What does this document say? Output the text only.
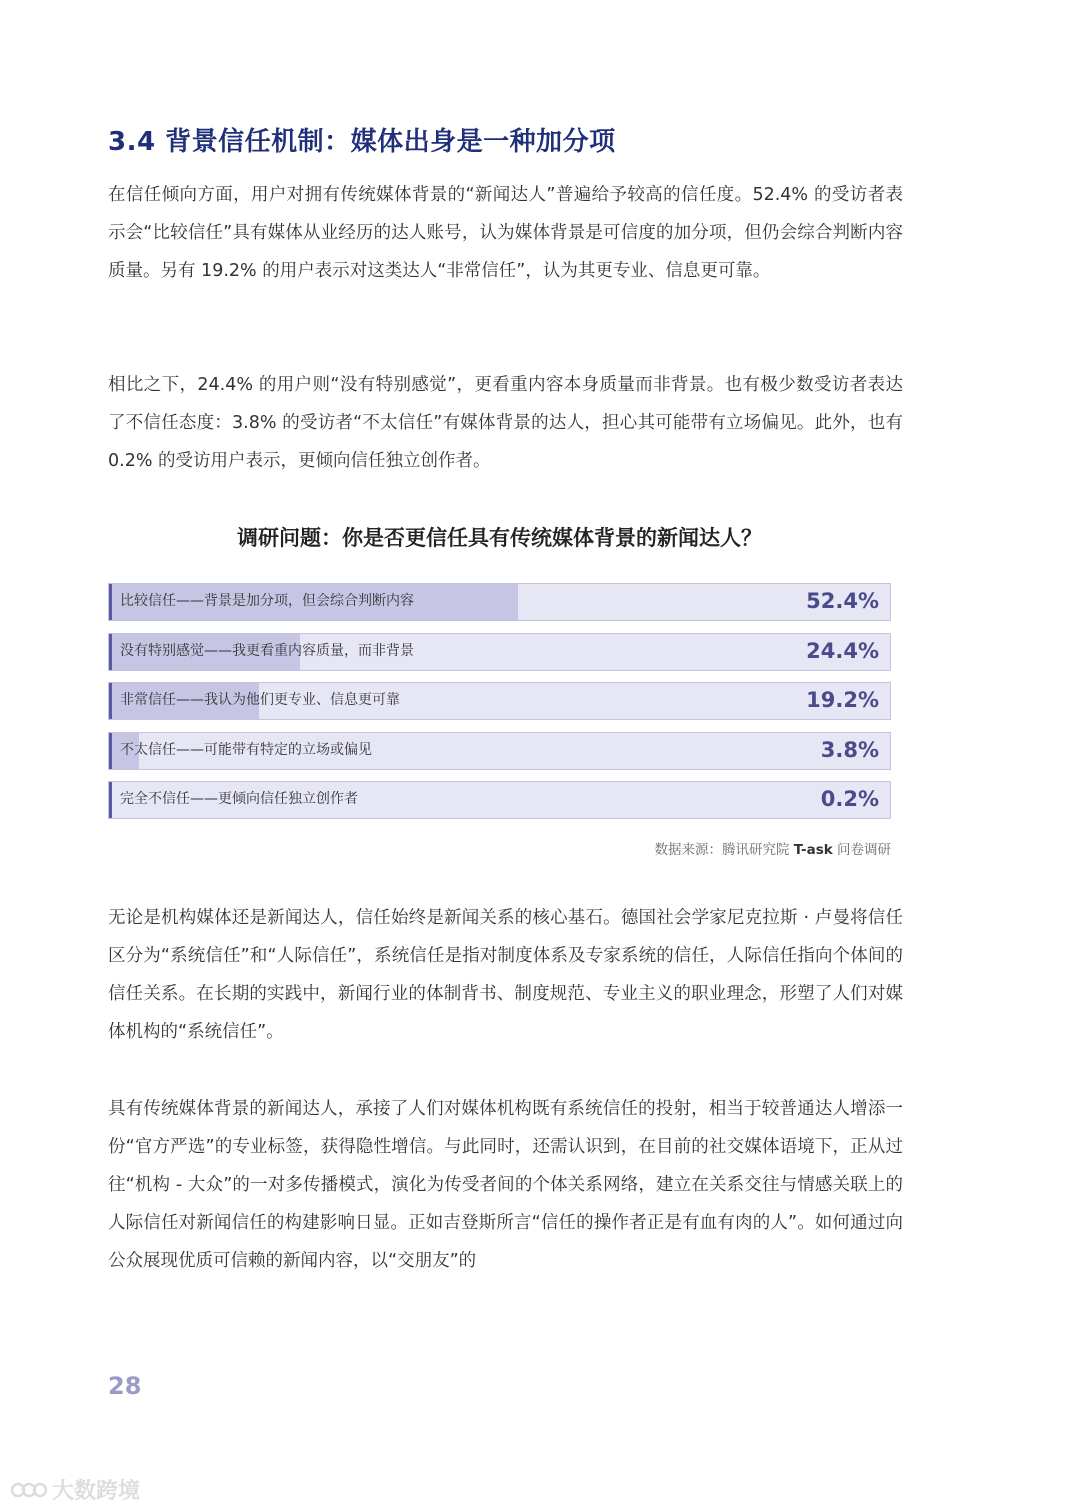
3.4 背景信任机制：媒体出身是一种加分项

在信任倾向方面，用户对拥有传统媒体背景的“新闻达人”普遍给予较高的信任度。52.4% 的受访者表示会“比较信任”具有媒体从业经历的达人账号，认为媒体背景是可信度的加分项，但仍会综合判断内容质量。另有 19.2% 的用户表示对这类达人“非常信任”，认为其更专业、信息更可靠。

相比之下，24.4% 的用户则“没有特别感觉”，更看重内容本身质量而非背景。也有极少数受访者表达了不信任态度：3.8% 的受访者“不太信任”有媒体背景的达人，担心其可能带有立场偏见。此外，也有 0.2% 的受访用户表示，更倾向信任独立创作者。

调研问题：你是否更信任具有传统媒体背景的新闻达人？
比较信任——背景是加分项，但会综合判断内容	52.4%
没有特别感觉——我更看重内容质量，而非背景	24.4%
非常信任——我认为他们更专业、信息更可靠	19.2%
不太信任——可能带有特定的立场或偏见	3.8%
完全不信任——更倾向信任独立创作者	0.2%
数据来源：腾讯研究院 T-ask 问卷调研

无论是机构媒体还是新闻达人，信任始终是新闻关系的核心基石。德国社会学家尼克拉斯 · 卢曼将信任区分为“系统信任”和“人际信任”，系统信任是指对制度体系及专家系统的信任，人际信任指向个体间的信任关系。在长期的实践中，新闻行业的体制背书、制度规范、专业主义的职业理念，形塑了人们对媒体机构的“系统信任”。

具有传统媒体背景的新闻达人，承接了人们对媒体机构既有系统信任的投射，相当于较普通达人增添一份“官方严选”的专业标签，获得隐性增信。与此同时，还需认识到，在目前的社交媒体语境下，正从过往“机构 - 大众”的一对多传播模式，演化为传受者间的个体关系网络，建立在关系交往与情感关联上的人际信任对新闻信任的构建影响日显。正如吉登斯所言“信任的操作者正是有血有肉的人”。如何通过向公众展现优质可信赖的新闻内容，以“交朋友”的

28
大数跨境
